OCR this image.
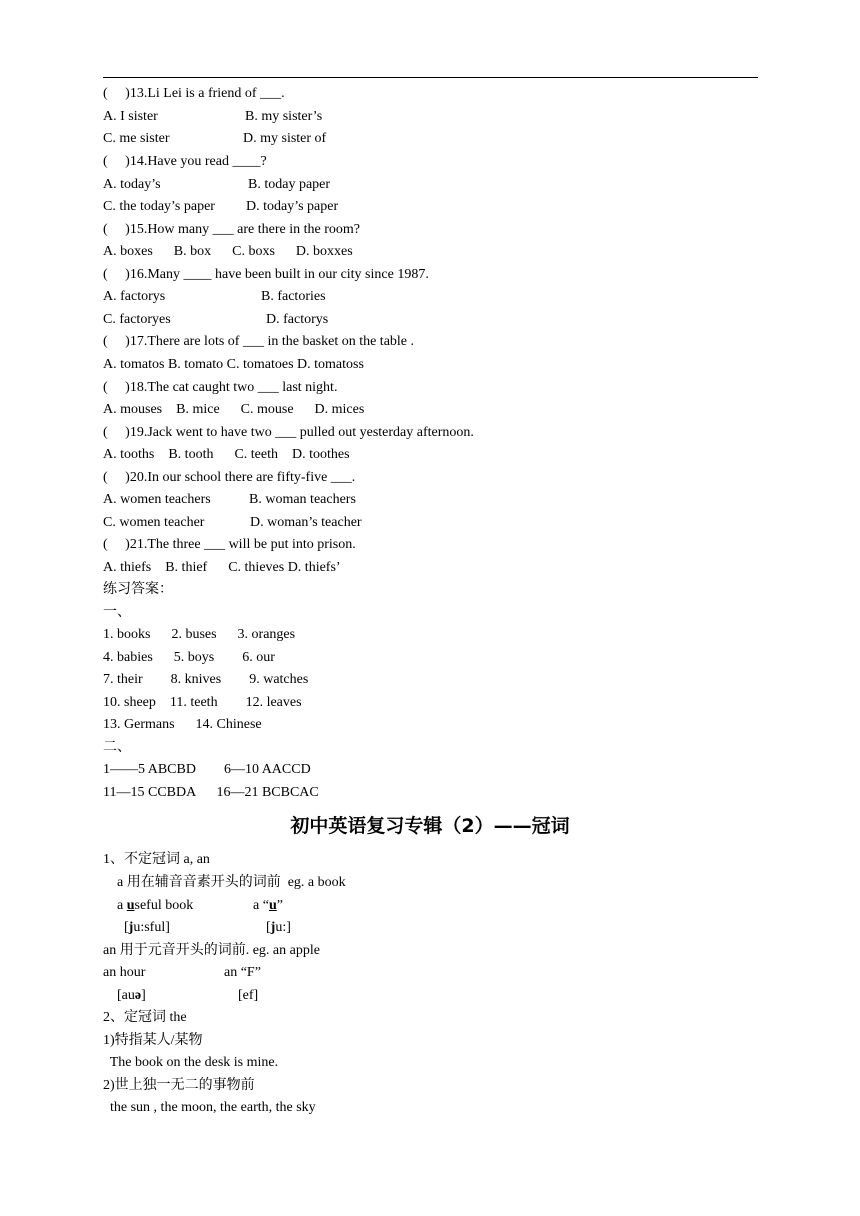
(     )13.Li Lei is a friend of ___.
A. I sister	B. my sister’s
C. me sister	D. my sister of
(     )14.Have you read ____?
A. today’s	B. today paper
C. the today’s paper D. today’s paper
(     )15.How many ___ are there in the room?
A. boxes      B. box      C. boxs      D. boxxes
(     )16.Many ____ have been built in our city since 1987.
A. factorys	B. factories
C. factoryes	D. factorys
(     )17.There are lots of ___ in the basket on the table .
A. tomatos B. tomato C. tomatoes D. tomatoss
(     )18.The cat caught two ___ last night.
A. mouses    B. mice      C. mouse      D. mices
(     )19.Jack went to have two ___ pulled out yesterday afternoon.
A. tooths    B. tooth      C. teeth    D. toothes
(     )20.In our school there are fifty-five ___.
A. women teachers	B. woman teachers
C. women teacher	D. woman’s teacher
(     )21.The three ___ will be put into prison.
A. thiefs    B. thief      C. thieves D. thiefs’
练习答案：
一、
1. books      2. buses      3. oranges
4. babies      5. boys        6. our
7. their        8. knives        9. watches
10. sheep    11. teeth        12. leaves
13. Germans      14. Chinese
二、
1——5 ABCBD        6—10 AACCD
11—15 CCBDA      16—21 BCBCAC
初中英语复习专辑（2）——冠词
1、不定冠词 a, an
a 用在辅音音素开头的词前  eg. a book
a useful book	a “u”
[ju:sful]	[ju:]
an 用于元音开头的词前. eg. an apple
an hour	an “F”
[auə]	[ef]
2、定冠词 the
1)特指某人/某物
The book on the desk is mine.
2)世上独一无二的事物前
the sun , the moon, the earth, the sky
